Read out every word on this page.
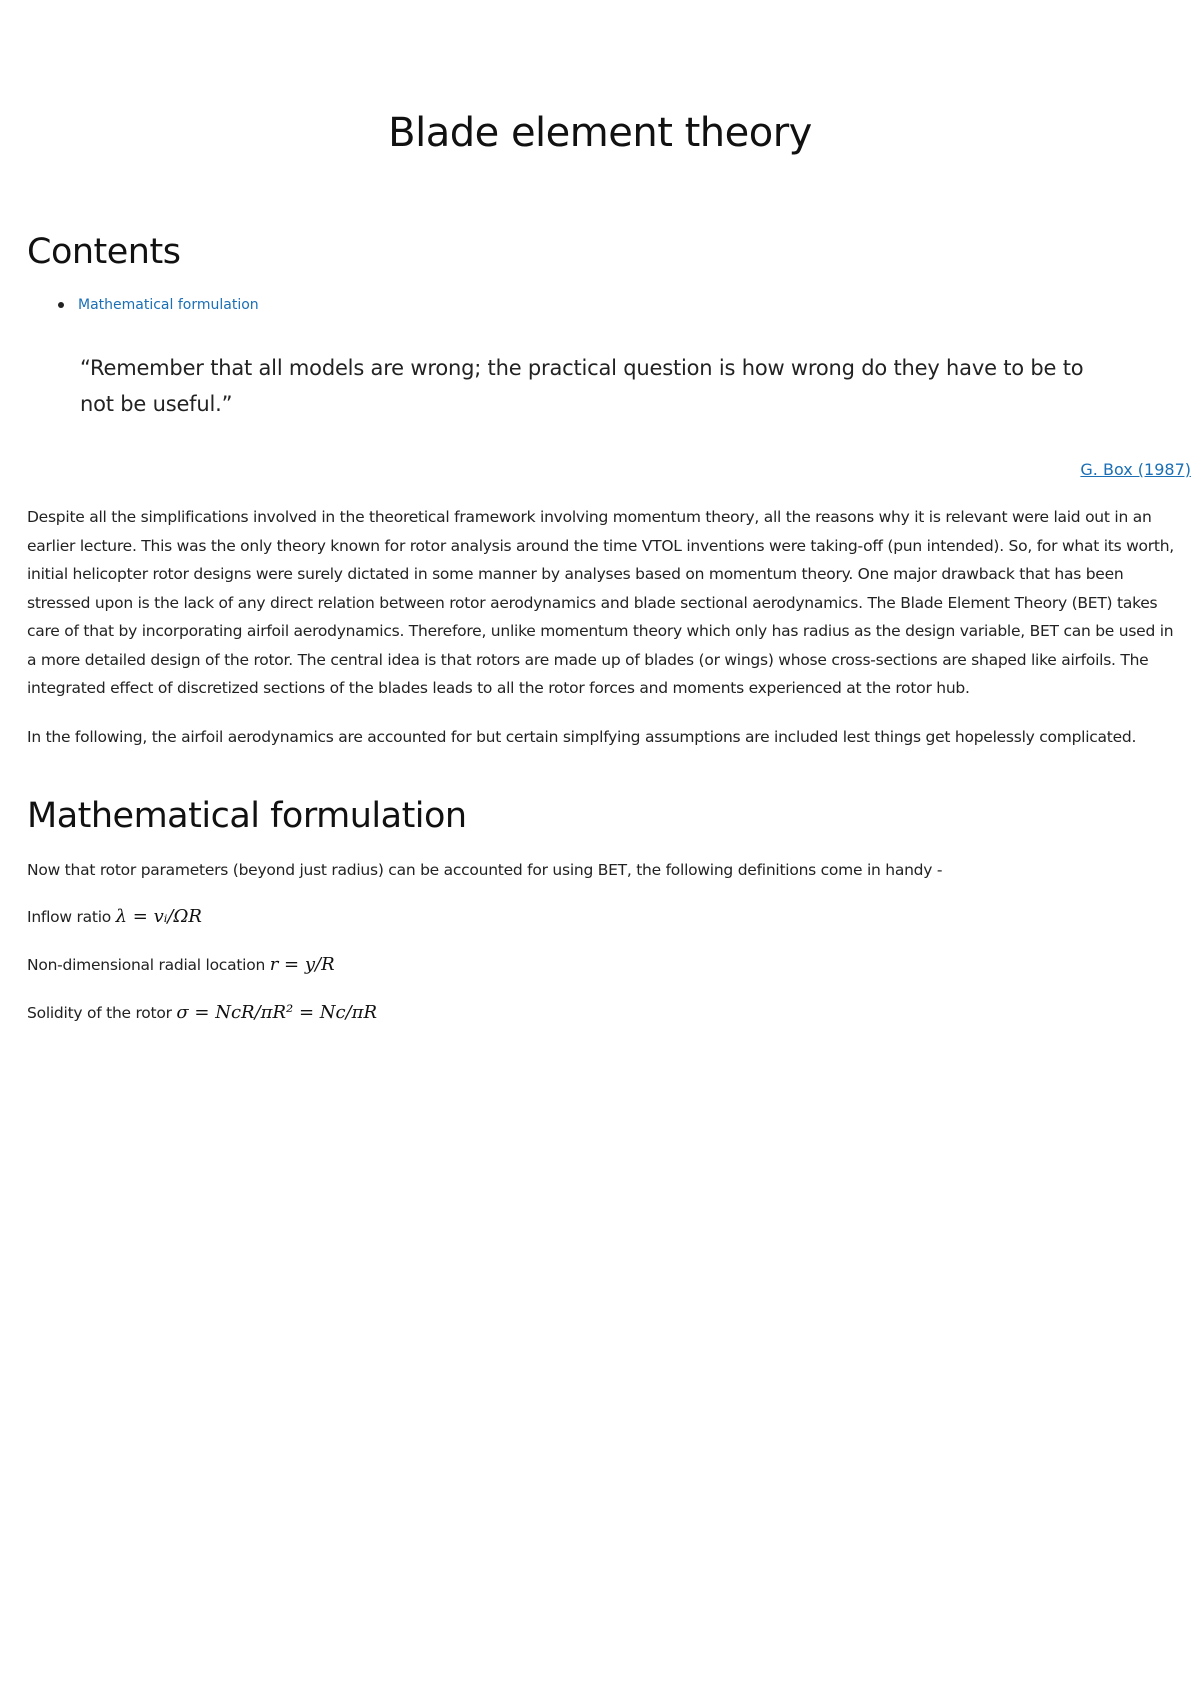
Blade element theory
Contents
Mathematical formulation
“Remember that all models are wrong; the practical question is how wrong do they have to be to not be useful.”
G. Box (1987)

Despite all the simplifications involved in the theoretical framework involving momentum theory, all the reasons why it is relevant were laid out in an earlier lecture. This was the only theory known for rotor analysis around the time VTOL inventions were taking-off (pun intended). So, for what its worth, initial helicopter rotor designs were surely dictated in some manner by analyses based on momentum theory. One major drawback that has been stressed upon is the lack of any direct relation between rotor aerodynamics and blade sectional aerodynamics. The Blade Element Theory (BET) takes care of that by incorporating airfoil aerodynamics. Therefore, unlike momentum theory which only has radius as the design variable, BET can be used in a more detailed design of the rotor. The central idea is that rotors are made up of blades (or wings) whose cross-sections are shaped like airfoils. The integrated effect of discretized sections of the blades leads to all the rotor forces and moments experienced at the rotor hub.

In the following, the airfoil aerodynamics are accounted for but certain simplfying assumptions are included lest things get hopelessly complicated.

Mathematical formulation

Now that rotor parameters (beyond just radius) can be accounted for using BET, the following definitions come in handy -

Inflow ratio λ = vᵢ/ΩR

Non-dimensional radial location r = y/R

Solidity of the rotor σ = NcR/πR² = Nc/πR
